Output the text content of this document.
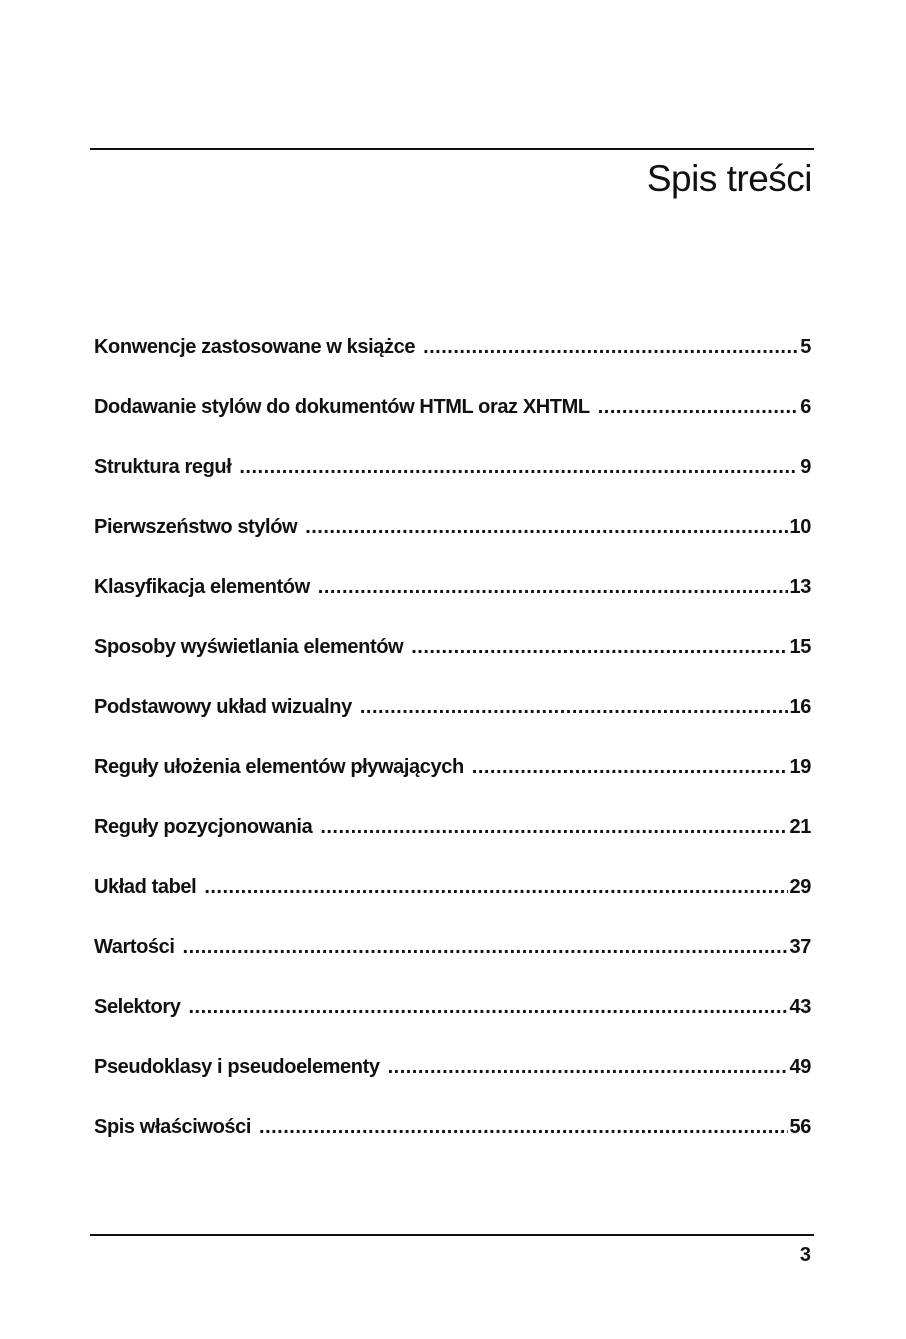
Spis treści
Konwencje zastosowane w książce .....	5
Dodawanie stylów do dokumentów HTML oraz XHTML .....	6
Struktura reguł .....	9
Pierwszeństwo stylów .....	10
Klasyfikacja elementów .....	13
Sposoby wyświetlania elementów .....	15
Podstawowy układ wizualny .....	16
Reguły ułożenia elementów pływających .....	19
Reguły pozycjonowania .....	21
Układ tabel .....	29
Wartości .....	37
Selektory .....	43
Pseudoklasy i pseudoelementy .....	49
Spis właściwości .....	56
3
